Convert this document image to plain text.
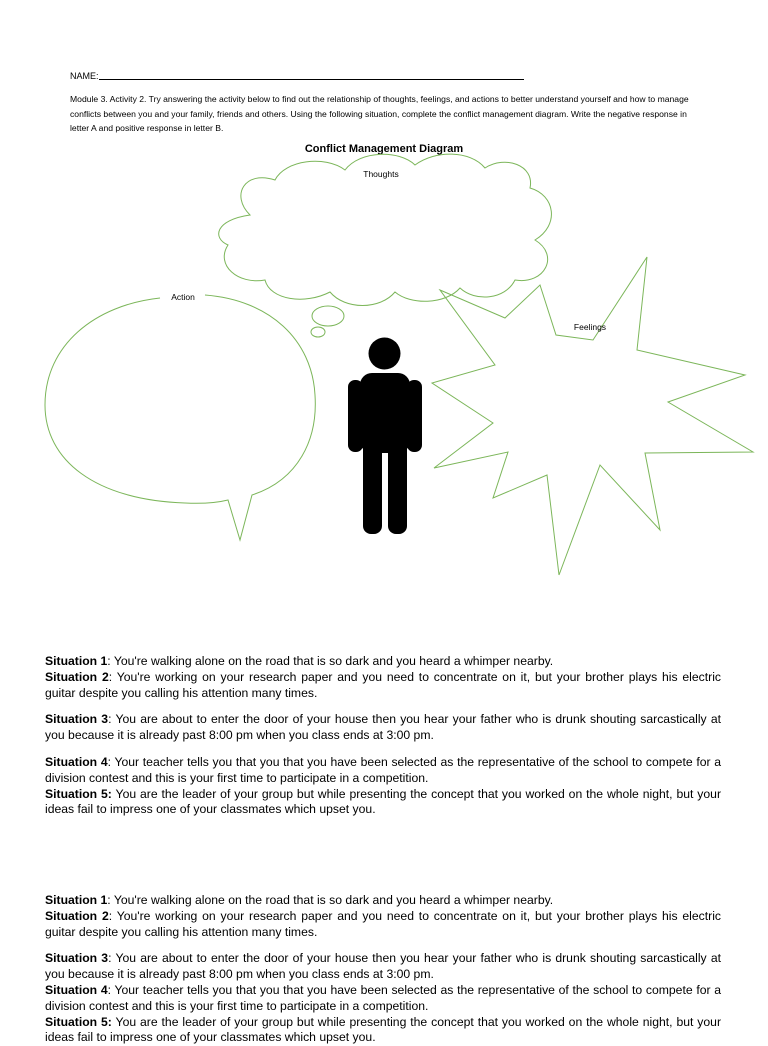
NAME:
Module 3. Activity 2. Try answering the activity below to find out the relationship of thoughts, feelings, and actions to better understand yourself and how to manage conflicts between you and your family, friends and others. Using the following situation, complete the conflict management diagram. Write the negative response in letter A and positive response in letter B.
Conflict Management Diagram
Thoughts
Action
Feelings

Situation 1: You're walking alone on the road that is so dark and you heard a whimper nearby.

Situation 2: You're working on your research paper and you need to concentrate on it, but your brother plays his electric guitar despite you calling his attention many times.

Situation 3: You are about to enter the door of your house then you hear your father who is drunk shouting sarcastically at you because it is already past 8:00 pm when you class ends at 3:00 pm.

Situation 4: Your teacher tells you that you that you have been selected as the representative of the school to compete for a division contest and this is your first time to participate in a competition.

Situation 5: You are the leader of your group but while presenting the concept that you worked on the whole night, but your ideas fail to impress one of your classmates which upset you.

Situation 1: You're walking alone on the road that is so dark and you heard a whimper nearby.

Situation 2: You're working on your research paper and you need to concentrate on it, but your brother plays his electric guitar despite you calling his attention many times.

Situation 3: You are about to enter the door of your house then you hear your father who is drunk shouting sarcastically at you because it is already past 8:00 pm when you class ends at 3:00 pm.

Situation 4: Your teacher tells you that you that you have been selected as the representative of the school to compete for a division contest and this is your first time to participate in a competition.

Situation 5: You are the leader of your group but while presenting the concept that you worked on the whole night, but your ideas fail to impress one of your classmates which upset you.
